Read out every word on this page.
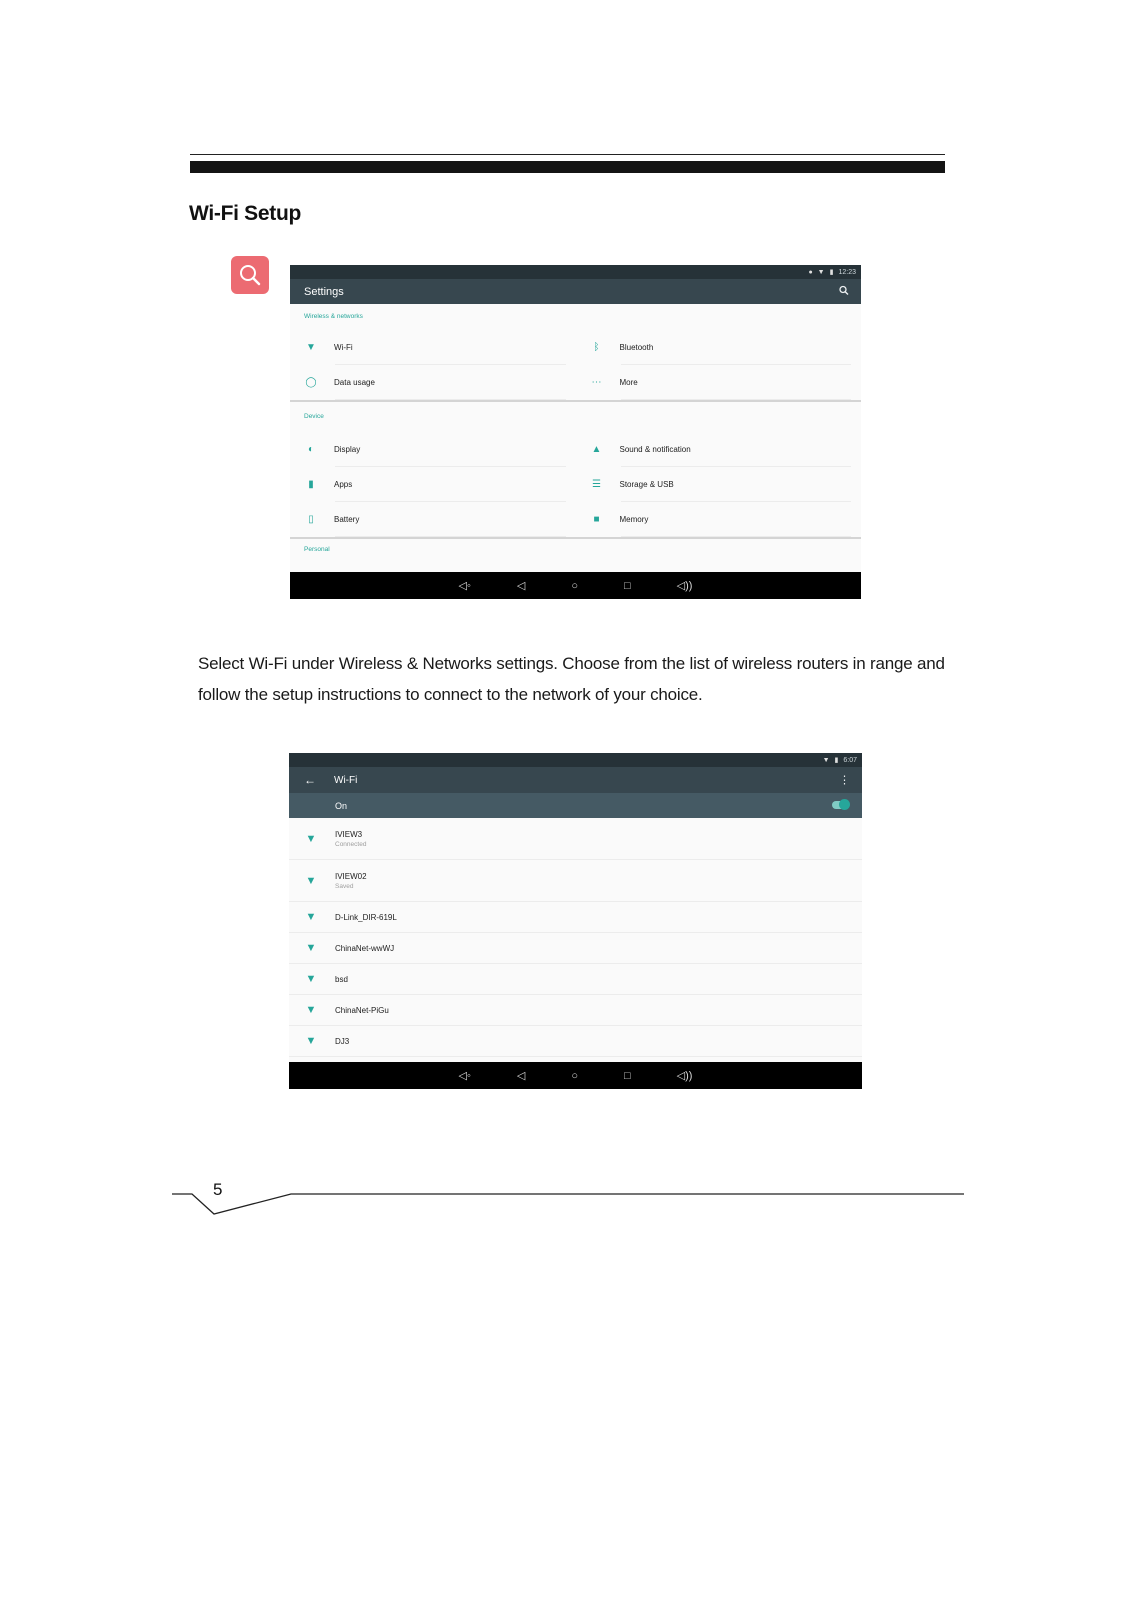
Wi-Fi Setup
● ▼ ▮ 12:23
Settings
Wireless & networks
▼ Wi-Fi	ᛒ	Bluetooth
◯ Data usage	⋯ More
Device
◐	Display	▲ Sound & notification
▮	Apps	☰	Storage & USB
▯	Battery	■	Memory
Personal
◁◦	◁	○	□	◁))
Select Wi-Fi under Wireless & Networks settings. Choose from the list of wireless routers in range and follow the setup instructions to connect to the network of your choice.
▼ ▮ 6:07
← Wi-Fi	⋮
On
▼	IVIEW3
Connected
▼	IVIEW02
Saved
▼	D-Link_DIR-619L
▼	ChinaNet-wwWJ
▼	bsd
▼	ChinaNet-PiGu
▼	DJ3
◁◦	◁	○	□	◁))
5
